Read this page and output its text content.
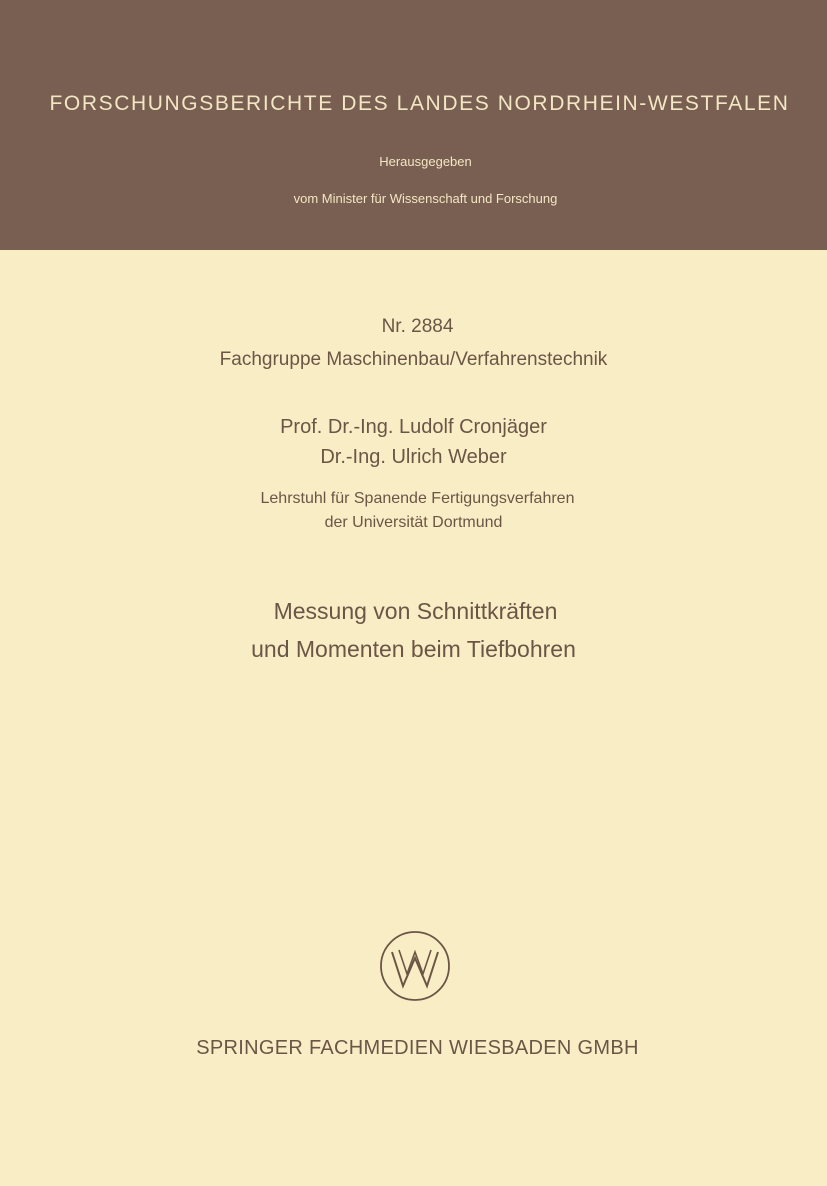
FORSCHUNGSBERICHTE DES LANDES NORDRHEIN-WESTFALEN
Herausgegeben
vom Minister für Wissenschaft und Forschung
Nr. 2884
Fachgruppe Maschinenbau/Verfahrenstechnik
Prof. Dr.-Ing. Ludolf Cronjäger
Dr.-Ing. Ulrich Weber
Lehrstuhl für Spanende Fertigungsverfahren
der Universität Dortmund
Messung von Schnittkräften
und Momenten beim Tiefbohren
SPRINGER FACHMEDIEN WIESBADEN GMBH
